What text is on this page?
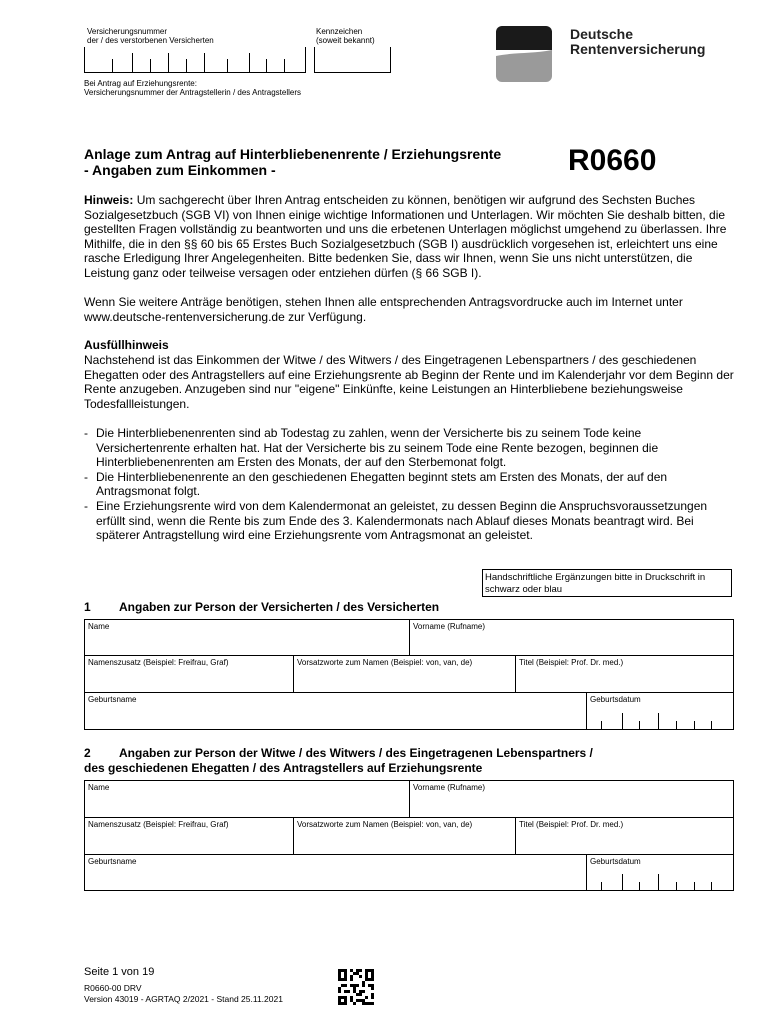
Versicherungsnummer
der / des verstorbenen Versicherten
Kennzeichen
(soweit bekannt)
Bei Antrag auf Erziehungsrente:
Versicherungsnummer der Antragstellerin / des Antragstellers
Deutsche
Rentenversicherung
Anlage zum Antrag auf Hinterbliebenenrente / Erziehungsrente
- Angaben zum Einkommen -	R0660
Hinweis: Um sachgerecht über Ihren Antrag entscheiden zu können, benötigen wir aufgrund des Sechsten Buches Sozialgesetzbuch (SGB VI) von Ihnen einige wichtige Informationen und Unterlagen. Wir möchten Sie deshalb bitten, die gestellten Fragen vollständig zu beantworten und uns die erbetenen Unterlagen möglichst umgehend zu überlassen. Ihre Mithilfe, die in den §§ 60 bis 65 Erstes Buch Sozialgesetzbuch (SGB I) ausdrücklich vorgesehen ist, erleichtert uns eine rasche Erledigung Ihrer Angelegenheiten. Bitte bedenken Sie, dass wir Ihnen, wenn Sie uns nicht unterstützen, die Leistung ganz oder teilweise versagen oder entziehen dürfen (§ 66 SGB I).
Wenn Sie weitere Anträge benötigen, stehen Ihnen alle entsprechenden Antragsvordrucke auch im Internet unter www.deutsche-rentenversicherung.de zur Verfügung.
Ausfüllhinweis
Nachstehend ist das Einkommen der Witwe / des Witwers / des Eingetragenen Lebenspartners / des geschiedenen Ehegatten oder des Antragstellers auf eine Erziehungsrente ab Beginn der Rente und im Kalenderjahr vor dem Beginn der Rente anzugeben. Anzugeben sind nur "eigene" Einkünfte, keine Leistungen an Hinterbliebene beziehungsweise Todesfallleistungen.
- Die Hinterbliebenenrenten sind ab Todestag zu zahlen, wenn der Versicherte bis zu seinem Tode keine Versichertenrente erhalten hat. Hat der Versicherte bis zu seinem Tode eine Rente bezogen, beginnen die Hinterbliebenenrenten am Ersten des Monats, der auf den Sterbemonat folgt.
- Die Hinterbliebenenrente an den geschiedenen Ehegatten beginnt stets am Ersten des Monats, der auf den Antragsmonat folgt.
- Eine Erziehungsrente wird von dem Kalendermonat an geleistet, zu dessen Beginn die Anspruchsvoraussetzungen erfüllt sind, wenn die Rente bis zum Ende des 3. Kalendermonats nach Ablauf dieses Monats beantragt wird. Bei späterer Antragstellung wird eine Erziehungsrente vom Antragsmonat an geleistet.
Handschriftliche Ergänzungen bitte in Druckschrift in schwarz oder blau
1 Angaben zur Person der Versicherten / des Versicherten
Name	Vorname (Rufname)
Namenszusatz (Beispiel: Freifrau, Graf)	Vorsatzworte zum Namen (Beispiel: von, van, de)	Titel (Beispiel: Prof. Dr. med.)
Geburtsname	Geburtsdatum
2	Angaben zur Person der Witwe / des Witwers / des Eingetragenen Lebenspartners /
des geschiedenen Ehegatten / des Antragstellers auf Erziehungsrente
Name	Vorname (Rufname)
Namenszusatz (Beispiel: Freifrau, Graf)	Vorsatzworte zum Namen (Beispiel: von, van, de)	Titel (Beispiel: Prof. Dr. med.)
Geburtsname	Geburtsdatum
Seite 1 von 19
R0660-00 DRV
Version 43019 - AGRTAQ 2/2021 - Stand 25.11.2021
